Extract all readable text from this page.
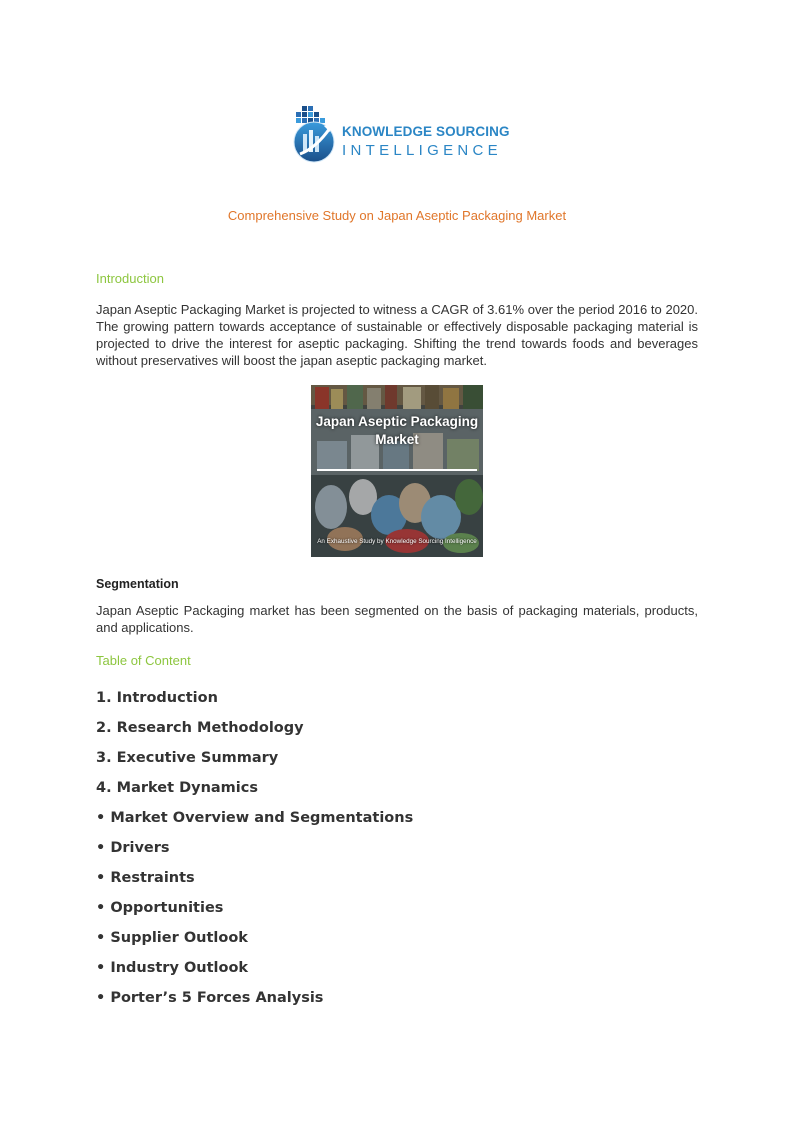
KNOWLEDGE SOURCING
INTELLIGENCE
Comprehensive Study on Japan Aseptic Packaging Market
Introduction

Japan Aseptic Packaging Market is projected to witness a CAGR of 3.61% over the period 2016 to 2020. The growing pattern towards acceptance of sustainable or effectively disposable packaging material is projected to drive the interest for aseptic packaging. Shifting the trend towards foods and beverages without preservatives will boost the japan aseptic packaging market.

Japan Aseptic Packaging
Market
An Exhaustive Study by Knowledge Sourcing Intelligence
Segmentation

Japan Aseptic Packaging market has been segmented on the basis of packaging materials, products, and applications.

Table of Content
1. Introduction
2. Research Methodology
3. Executive Summary
4. Market Dynamics
• Market Overview and Segmentations
• Drivers
• Restraints
• Opportunities
• Supplier Outlook
• Industry Outlook
• Porter’s 5 Forces Analysis
